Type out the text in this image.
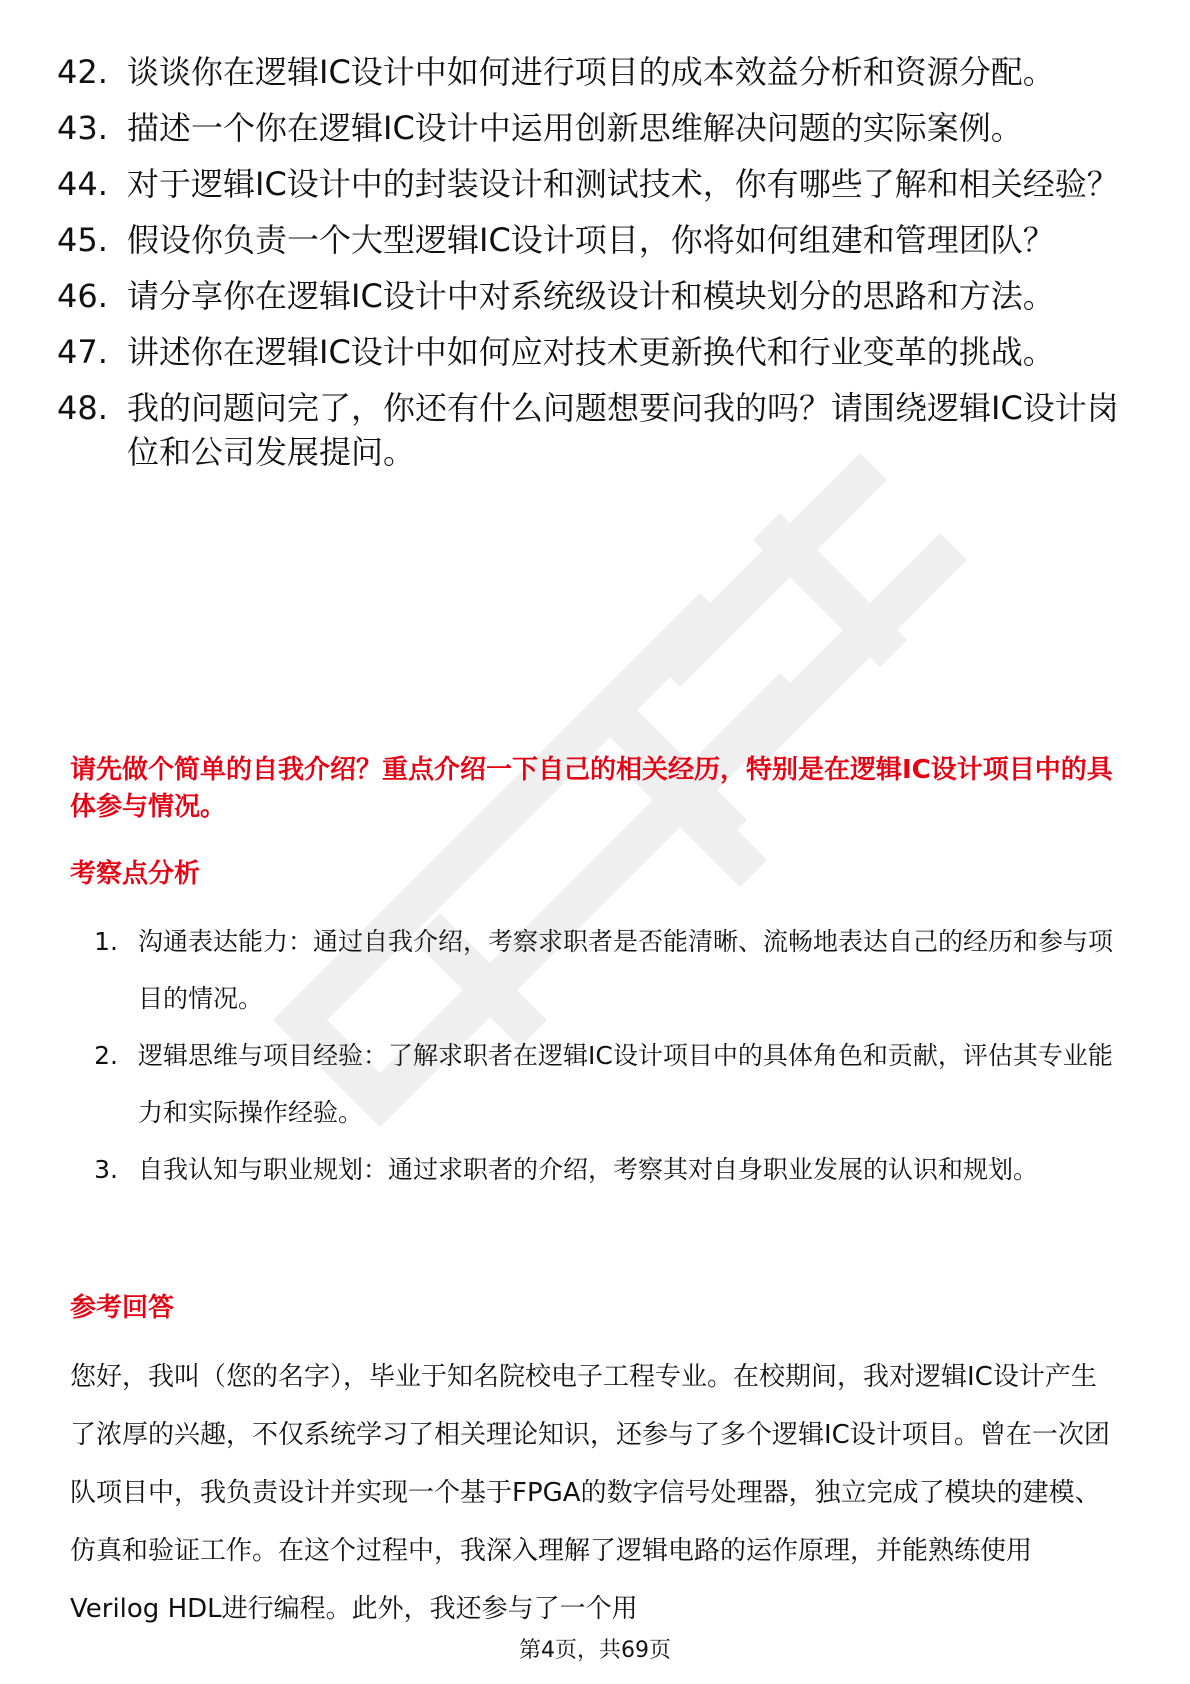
42. 谈谈你在逻辑IC设计中如何进行项目的成本效益分析和资源分配。
43. 描述一个你在逻辑IC设计中运用创新思维解决问题的实际案例。
44. 对于逻辑IC设计中的封装设计和测试技术，你有哪些了解和相关经验？
45. 假设你负责一个大型逻辑IC设计项目，你将如何组建和管理团队？
46. 请分享你在逻辑IC设计中对系统级设计和模块划分的思路和方法。
47. 讲述你在逻辑IC设计中如何应对技术更新换代和行业变革的挑战。
48. 我的问题问完了，你还有什么问题想要问我的吗？请围绕逻辑IC设计岗位和公司发展提问。
请先做个简单的自我介绍？重点介绍一下自己的相关经历，特别是在逻辑IC设计项目中的具体参与情况。
考察点分析
1. 沟通表达能力：通过自我介绍，考察求职者是否能清晰、流畅地表达自己的经历和参与项目的情况。
2. 逻辑思维与项目经验：了解求职者在逻辑IC设计项目中的具体角色和贡献，评估其专业能力和实际操作经验。
3. 自我认知与职业规划：通过求职者的介绍，考察其对自身职业发展的认识和规划。
参考回答
您好，我叫（您的名字），毕业于知名院校电子工程专业。在校期间，我对逻辑IC设计产生了浓厚的兴趣，不仅系统学习了相关理论知识，还参与了多个逻辑IC设计项目。曾在一次团队项目中，我负责设计并实现一个基于FPGA的数字信号处理器，独立完成了模块的建模、仿真和验证工作。在这个过程中，我深入理解了逻辑电路的运作原理，并能熟练使用Verilog HDL进行编程。此外，我还参与了一个用
第4页，共69页
